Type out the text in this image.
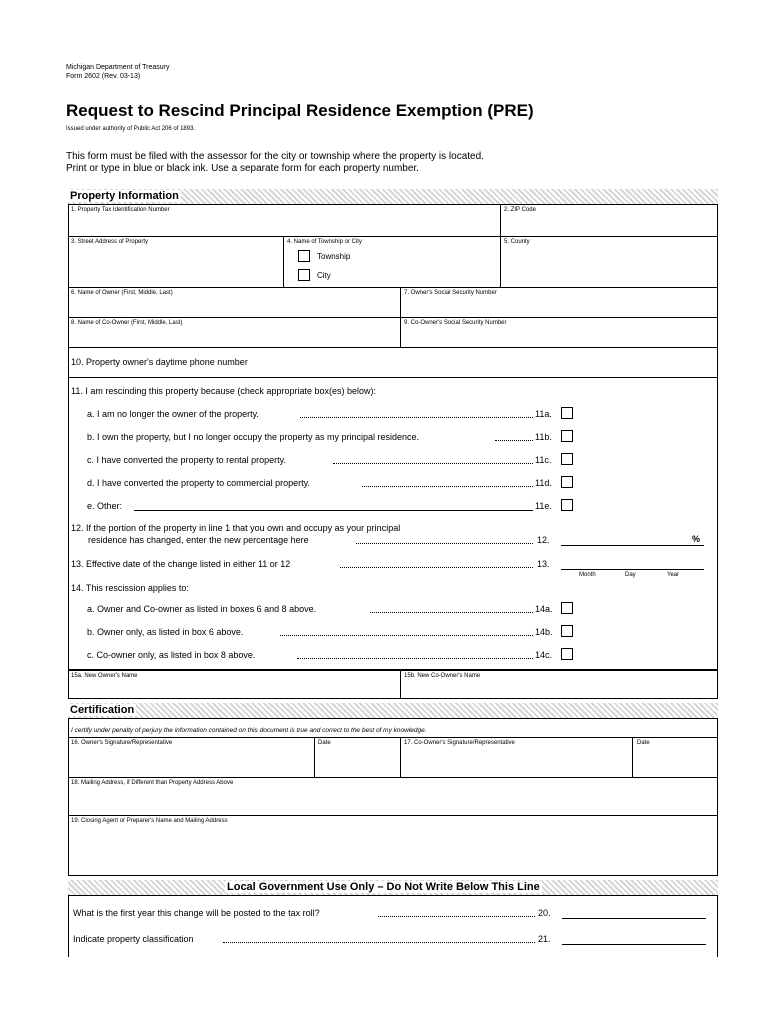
Michigan Department of Treasury
Form 2602 (Rev. 03-13)
Request to Rescind Principal Residence Exemption (PRE)
Issued under authority of Public Act 206 of 1893.
This form must be filed with the assessor for the city or township where the property is located.
Print or type in blue or black ink. Use a separate form for each property number.
Property Information
1. Property Tax Identification Number	2. ZIP Code
3. Street Address of Property	4. Name of Township or City
Township
City
5. County
6. Name of Owner (First, Middle, Last)	7. Owner's Social Security Number
8. Name of Co-Owner (First, Middle, Last)	9. Co-Owner's Social Security Number
10. Property owner's daytime phone number
11. I am rescinding this property because (check appropriate box(es) below):
a. I am no longer the owner of the property.	11a.
b. I own the property, but I no longer occupy the property as my principal residence.	11b.
c. I have converted the property to rental property.	11c.
d. I have converted the property to commercial property.	11d.
e. Other:	11e.
12. If the portion of the property in line 1 that you own and occupy as your principal
residence has changed, enter the new percentage here	12.	%
13. Effective date of the change listed in either 11 or 12	13.
Month	Day	Year
14. This rescission applies to:
a. Owner and Co-owner as listed in boxes 6 and 8 above.	14a.
b. Owner only, as listed in box 6 above.	14b.
c. Co-owner only, as listed in box 8 above.	14c.
15a. New Owner's Name	15b. New Co-Owner's Name
Certification
I certify under penalty of perjury the information contained on this document is true and correct to the best of my knowledge.
16. Owner's Signature/Representative	Date	17. Co-Owner's Signature/Representative	Date
18. Mailing Address, if Different than Property Address Above
19. Closing Agent or Preparer's Name and Mailing Address
Local Government Use Only – Do Not Write Below This Line
What is the first year this change will be posted to the tax roll?	20.
Indicate property classification	21.
